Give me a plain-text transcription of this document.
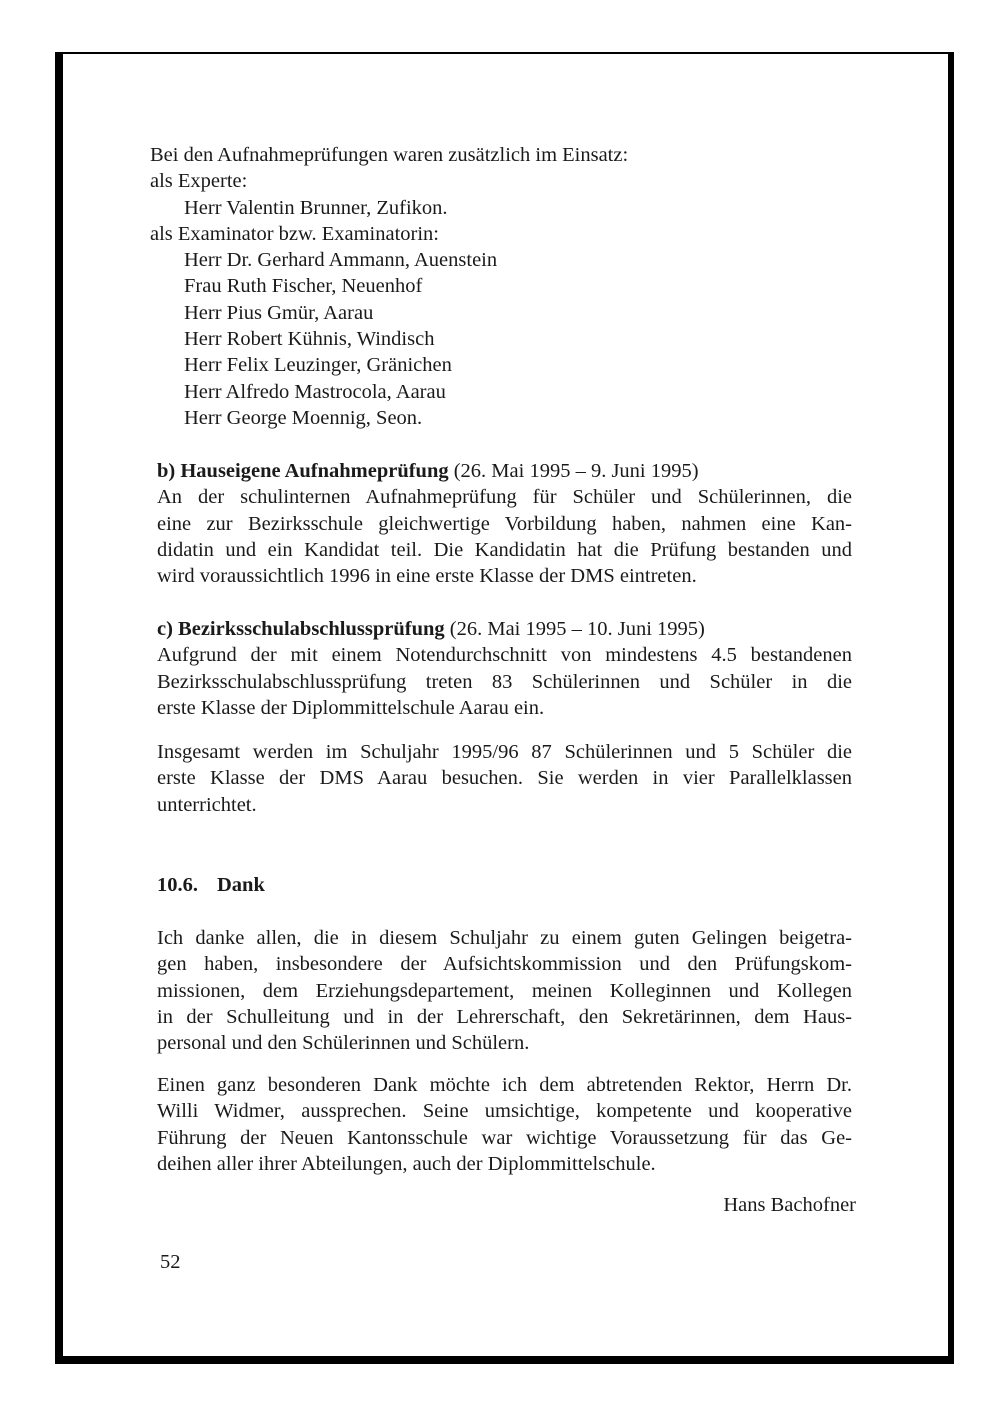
Bei den Aufnahmeprüfungen waren zusätzlich im Einsatz:
als Experte:
Herr Valentin Brunner, Zufikon.
als Examinator bzw. Examinatorin:
Herr Dr. Gerhard Ammann, Auenstein
Frau Ruth Fischer, Neuenhof
Herr Pius Gmür, Aarau
Herr Robert Kühnis, Windisch
Herr Felix Leuzinger, Gränichen
Herr Alfredo Mastrocola, Aarau
Herr George Moennig, Seon.
b) Hauseigene Aufnahmeprüfung (26. Mai 1995 – 9. Juni 1995)
An der schulinternen Aufnahmeprüfung für Schüler und Schülerinnen, die
eine zur Bezirksschule gleichwertige Vorbildung haben, nahmen eine Kan-
didatin und ein Kandidat teil. Die Kandidatin hat die Prüfung bestanden und
wird voraussichtlich 1996 in eine erste Klasse der DMS eintreten.
c) Bezirksschulabschlussprüfung (26. Mai 1995 – 10. Juni 1995)
Aufgrund der mit einem Notendurchschnitt von mindestens 4.5 bestandenen
Bezirksschulabschlussprüfung treten 83 Schülerinnen und Schüler in die
erste Klasse der Diplommittelschule Aarau ein.
Insgesamt werden im Schuljahr 1995/96 87 Schülerinnen und 5 Schüler die
erste Klasse der DMS Aarau besuchen. Sie werden in vier Parallelklassen
unterrichtet.
10.6. Dank
Ich danke allen, die in diesem Schuljahr zu einem guten Gelingen beigetra-
gen haben, insbesondere der Aufsichtskommission und den Prüfungskom-
missionen, dem Erziehungsdepartement, meinen Kolleginnen und Kollegen
in der Schulleitung und in der Lehrerschaft, den Sekretärinnen, dem Haus-
personal und den Schülerinnen und Schülern.
Einen ganz besonderen Dank möchte ich dem abtretenden Rektor, Herrn Dr.
Willi Widmer, aussprechen. Seine umsichtige, kompetente und kooperative
Führung der Neuen Kantonsschule war wichtige Voraussetzung für das Ge-
deihen aller ihrer Abteilungen, auch der Diplommittelschule.
Hans Bachofner
52
